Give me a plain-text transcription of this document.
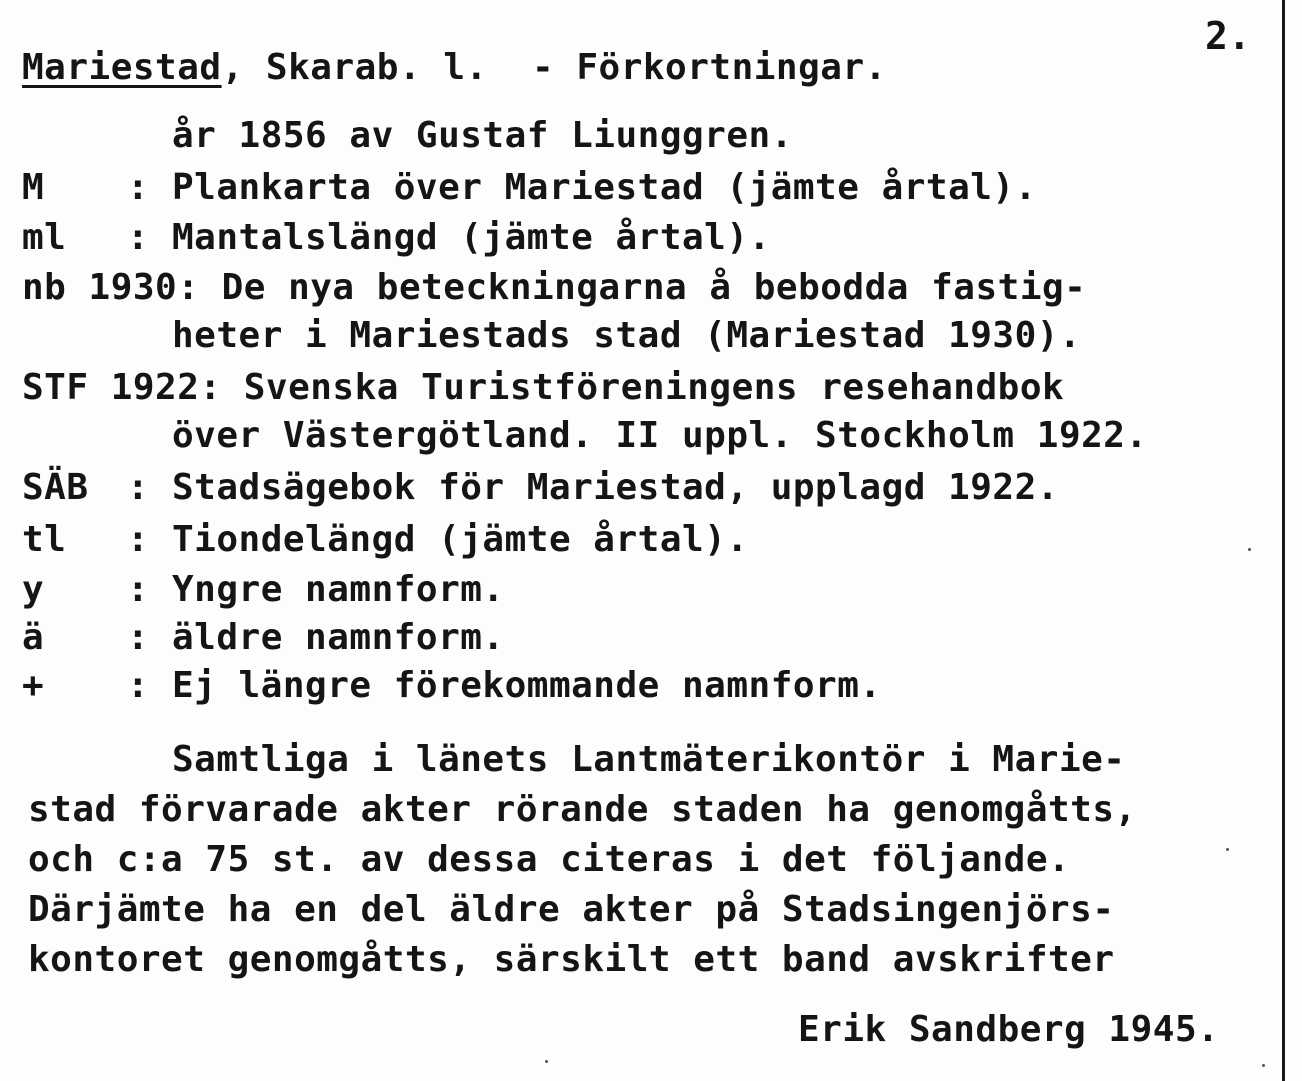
2.
Mariestad, Skarab. l.  - Förkortningar.
år 1856 av Gustaf Liunggren.
M : Plankarta över Mariestad (jämte årtal).
ml : Mantalslängd (jämte årtal).
nb 1930: De nya beteckningarna å bebodda fastig-
heter i Mariestads stad (Mariestad 1930).
STF 1922: Svenska Turistföreningens resehandbok
över Västergötland. II uppl. Stockholm 1922.
SÄB : Stadsägebok för Mariestad, upplagd 1922.
tl : Tiondelängd (jämte årtal).
y : Yngre namnform.
ä : äldre namnform.
+ : Ej längre förekommande namnform.
Samtliga i länets Lantmäterikontör i Marie-
stad förvarade akter rörande staden ha genomgåtts,
och c:a 75 st. av dessa citeras i det följande.
Därjämte ha en del äldre akter på Stadsingenjörs-
kontoret genomgåtts, särskilt ett band avskrifter
Erik Sandberg 1945.
